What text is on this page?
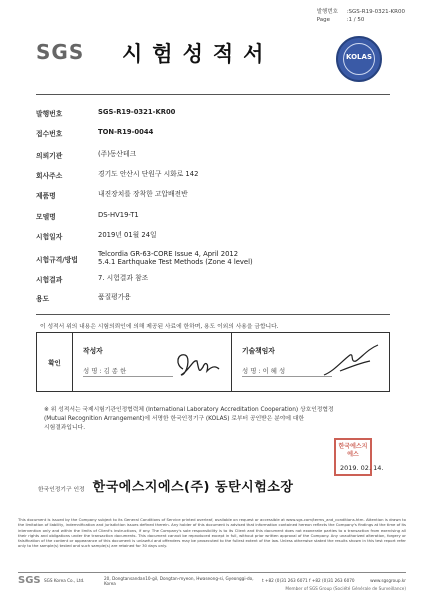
발행번호	: SGS-R19-0321-KR00
Page	: 1 / 50
SGS 시험성적서	KOLAS
발행번호	SGS-R19-0321-KR00
접수번호	TON-R19-0044
의뢰기관	(주)동산테크
회사주소	경기도 안산시 단원구 시화로 142
제품명	내진장치를 장착한 고압배전반
모델명	DS-HV19-T1
시험일자	2019년 01월 24일
시험규격/방법
Telcordia GR-63-CORE Issue 4, April 2012
5.4.1 Earthquake Test Methods (Zone 4 level)
시험결과	7. 시험결과 참조
용도	품질평가용
이 성적서 위의 내용은 시험의뢰인에 의해 제공된 사료에 한하며, 용도 이외의 사용을 금합니다.
확인
작성자
성 명 : 김 종 한
기술책임자
성 명 : 이 혜 성
※ 위 성적서는 국제시험기관인정협력체 (International Laboratory Accreditation Cooperation) 상호인정협정
(Mutual Recognition Arrangement)에 서명한 한국인정기구 (KOLAS) 로부터 공인받은 분야에 대한
시험결과입니다.
한국에스지에스
2019. 02. 14.
한국인정기구 인정 한국에스지에스(주) 동탄시험소장
This document is issued by the Company subject to its General Conditions of Service printed overleaf, available on request or accessible at www.sgs.com/terms_and_conditions.htm. Attention is drawn to the limitation of liability, indemnification and jurisdiction issues defined therein. Any holder of this document is advised that information contained hereon reflects the Company's findings at the time of its intervention only and within the limits of Client's instructions, if any. The Company's sole responsibility is to its Client and this document does not exonerate parties to a transaction from exercising all their rights and obligations under the transaction documents. This document cannot be reproduced except in full, without prior written approval of the Company. Any unauthorized alteration, forgery or falsification of the content or appearance of this document is unlawful and offenders may be prosecuted to the fullest extent of the law. Unless otherwise stated the results shown in this test report refer only to the sample(s) tested and such sample(s) are retained for 30 days only.
SGS SGS Korea Co., Ltd.	20, Dongtansandan10-gil, Dongtan-myeon, Hwaseong-si, Gyeonggi-do, Korea	t +82 (0)31 263 6071 f +82 (0)31 263 6070	www.sgsgroup.kr
Member of SGS Group (Société Générale de Surveillance)
